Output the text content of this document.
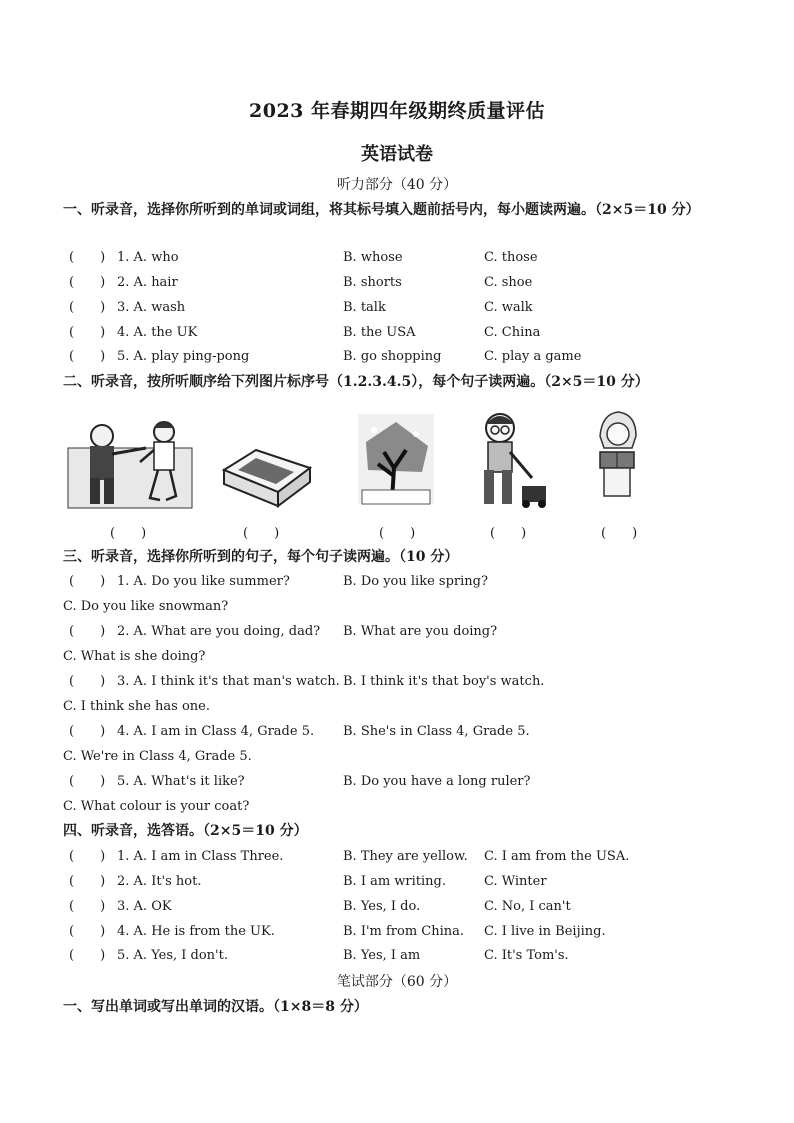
2023 年春期四年级期终质量评估
英语试卷
听力部分（40 分）
一、听录音，选择你所听到的单词或词组，将其标号填入题前括号内，每小题读两遍。（2×5＝10 分）
(　　) 1. A. who	B. whose	C. those
(　　) 2. A. hair	B. shorts	C. shoe
(　　) 3. A. wash	B. talk	C. walk
(　　) 4. A. the UK	B. the USA	C. China
(　　) 5. A. play ping-pong	B. go shopping	C. play a game
二、听录音，按所听顺序给下列图片标序号（1.2.3.4.5），每个句子读两遍。（2×5＝10 分）
(　　)	(　　)	(　　)	(　　)	(　　)
三、听录音，选择你所听到的句子，每个句子读两遍。（10 分）
(　　) 1. A. Do you like summer?	B. Do you like spring?
C. Do you like snowman?
(　　) 2. A. What are you doing, dad? B. What are you doing?
C. What is she doing?
(　　) 3. A. I think it's that man's watch. B. I think it's that boy's watch.
C. I think she has one.
(　　) 4. A. I am in Class 4, Grade 5. B. She's in Class 4, Grade 5.
C. We're in Class 4, Grade 5.
(　　) 5. A. What's it like?	B. Do you have a long ruler?
C. What colour is your coat?
四、听录音，选答语。（2×5＝10 分）
(　　) 1. A. I am in Class Three.	B. They are yellow. C. I am from the USA.
(　　) 2. A. It's hot.	B. I am writing.	C. Winter
(　　) 3. A. OK	B. Yes, I do.	C. No, I can't
(　　) 4. A. He is from the UK.	B. I'm from China. C. I live in Beijing.
(　　) 5. A. Yes, I don't.	B. Yes, I am	C. It's Tom's.
笔试部分（60 分）
一、写出单词或写出单词的汉语。（1×8＝8 分）
